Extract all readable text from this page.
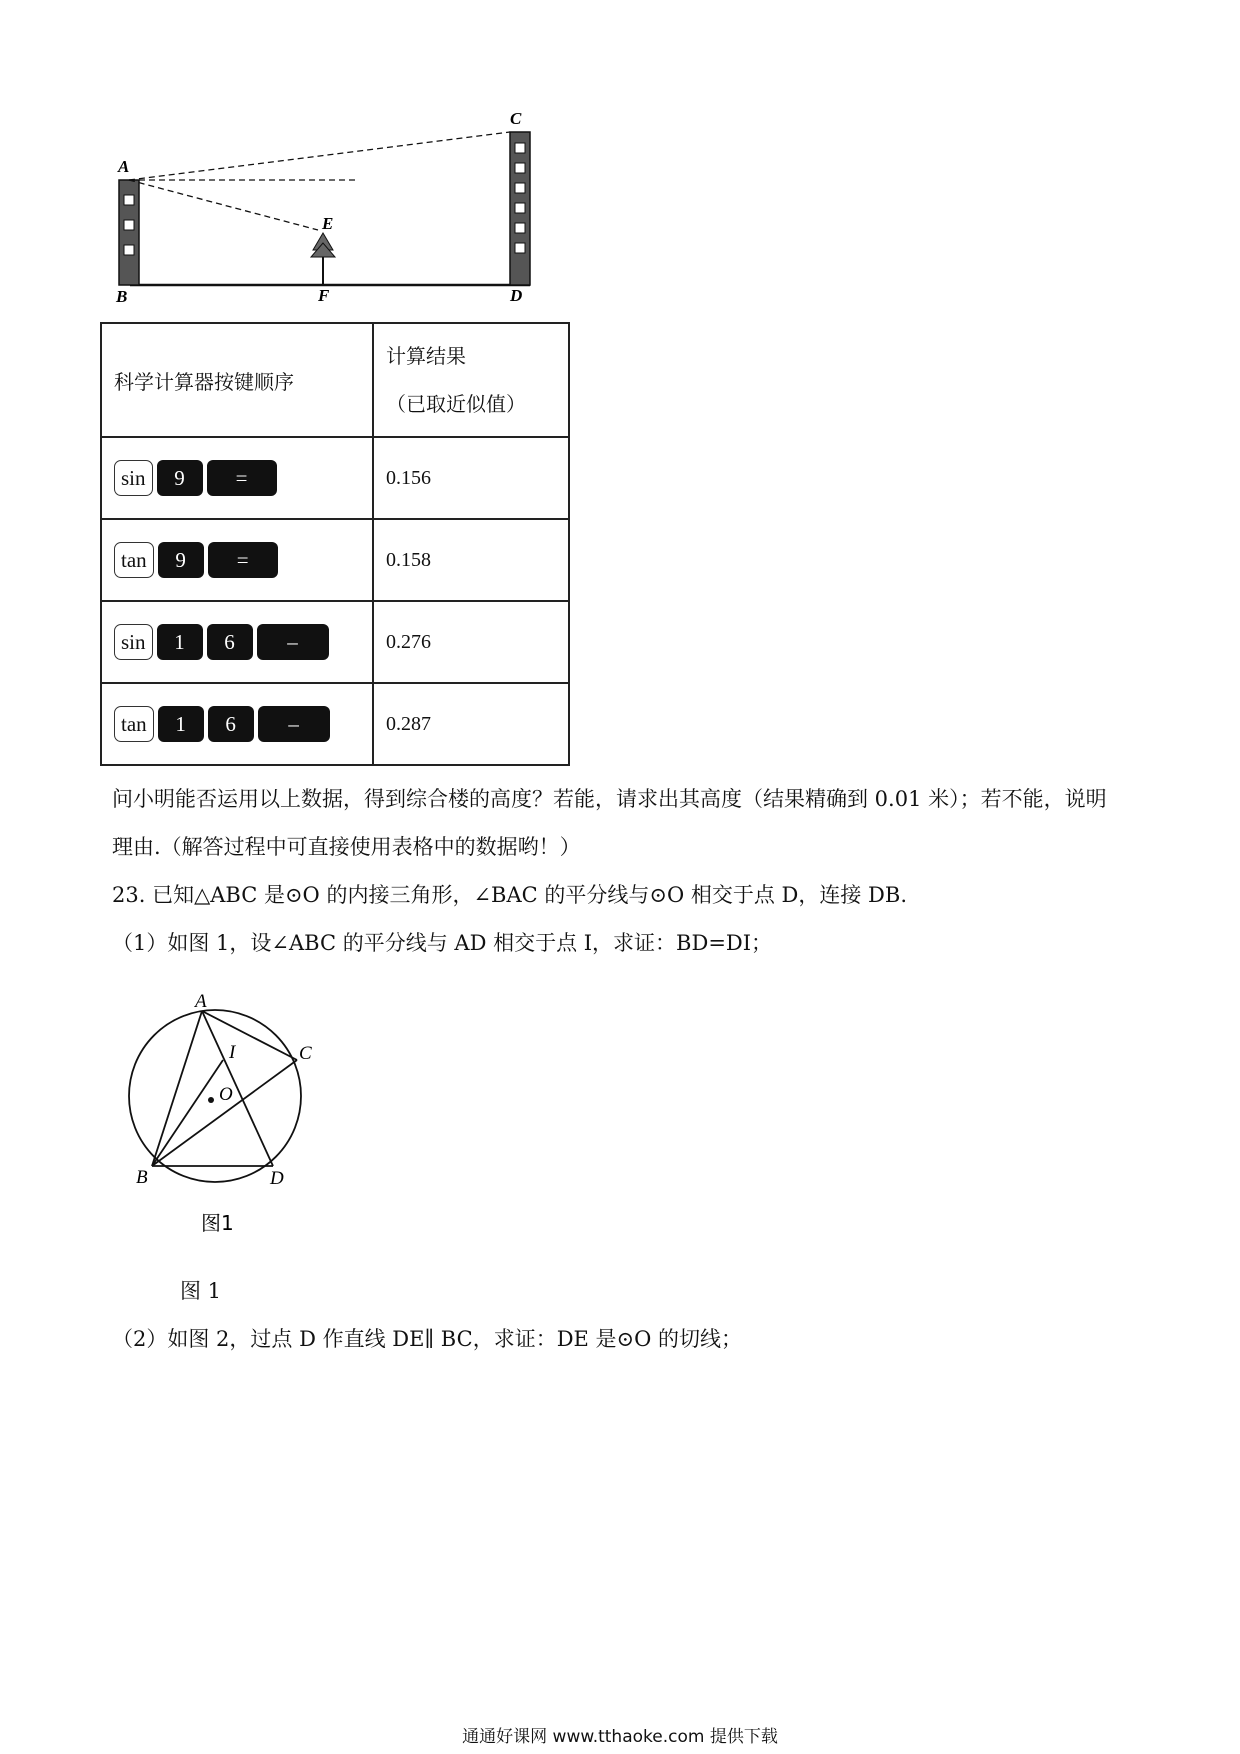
A
B
C
D
E
F
科学计算器按键顺序	计算结果
（已取近似值）

sin 9 =	0.156

tan 9 =	0.158

sin 1 6 –	0.276

tan 1 6 –	0.287
问小明能否运用以上数据，得到综合楼的高度？若能，请求出其高度（结果精确到 0.01 米）；若不能，说明
理由.（解答过程中可直接使用表格中的数据哟！）
23. 已知△ABC 是⊙O 的内接三角形，∠BAC 的平分线与⊙O 相交于点 D，连接 DB.
（1）如图 1，设∠ABC 的平分线与 AD 相交于点 I，求证：BD=DI；
A
B
C
D
I
O
图1
图 1
（2）如图 2，过点 D 作直线 DE∥ BC，求证：DE 是⊙O 的切线；
通通好课网 www.tthaoke.com 提供下载
